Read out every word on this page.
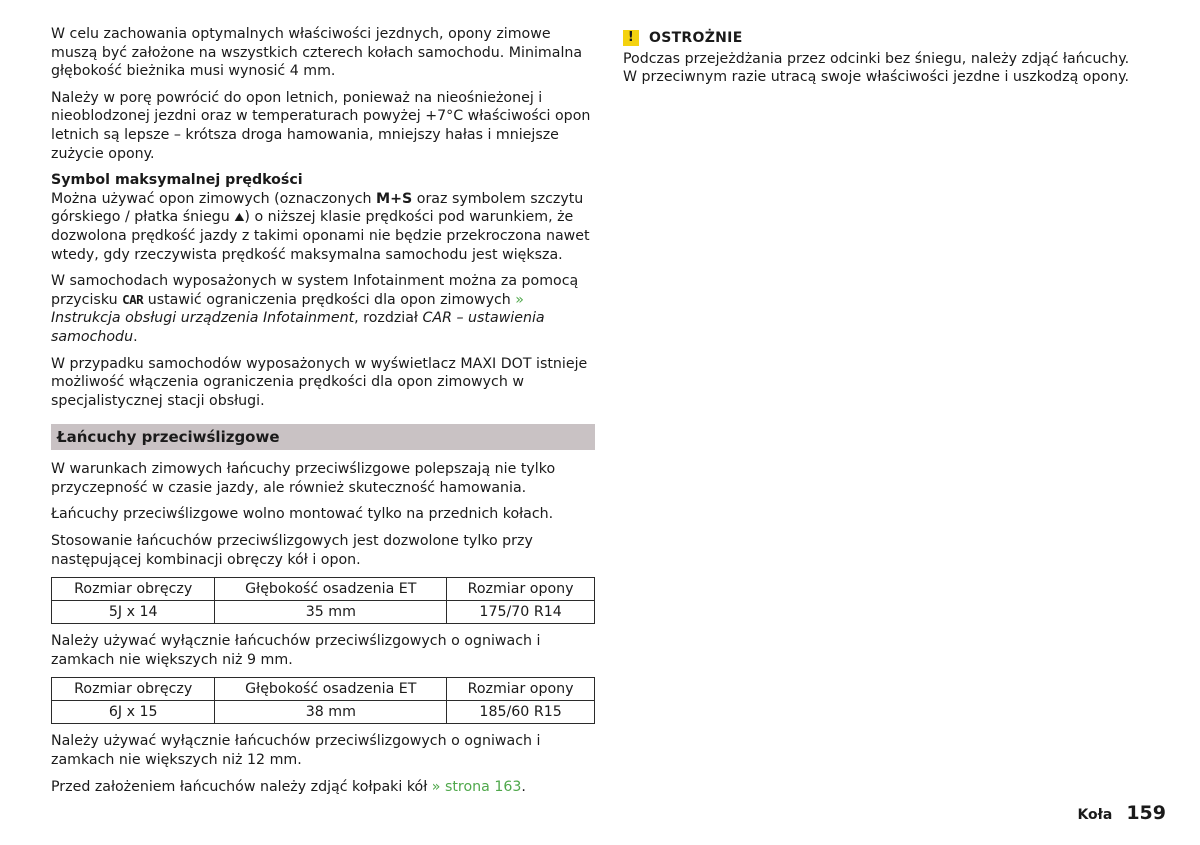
W celu zachowania optymalnych właściwości jezdnych, opony zimowe muszą być założone na wszystkich czterech kołach samochodu. Minimalna głębokość bieżnika musi wynosić 4 mm.

Należy w porę powrócić do opon letnich, ponieważ na nieośnieżonej i nieoblodzonej jezdni oraz w temperaturach powyżej +7°C właściwości opon letnich są lepsze – krótsza droga hamowania, mniejszy hałas i mniejsze zużycie opony.

Symbol maksymalnej prędkości
Można używać opon zimowych (oznaczonych M+S oraz symbolem szczytu górskiego / płatka śniegu ⛰) o niższej klasie prędkości pod warunkiem, że dozwolona prędkość jazdy z takimi oponami nie będzie przekroczona nawet wtedy, gdy rzeczywista prędkość maksymalna samochodu jest większa.

W samochodach wyposażonych w system Infotainment można za pomocą przycisku CAR ustawić ograniczenia prędkości dla opon zimowych » Instrukcja obsługi urządzenia Infotainment, rozdział CAR – ustawienia samochodu.

W przypadku samochodów wyposażonych w wyświetlacz MAXI DOT istnieje możliwość włączenia ograniczenia prędkości dla opon zimowych w specjalistycznej stacji obsługi.

Łańcuchy przeciwślizgowe

W warunkach zimowych łańcuchy przeciwślizgowe polepszają nie tylko przyczepność w czasie jazdy, ale również skuteczność hamowania.

Łańcuchy przeciwślizgowe wolno montować tylko na przednich kołach.

Stosowanie łańcuchów przeciwślizgowych jest dozwolone tylko przy następującej kombinacji obręczy kół i opon.

Rozmiar obręczy	Głębokość osadzenia ET	Rozmiar opony
5J x 14	35 mm	175/70 R14

Należy używać wyłącznie łańcuchów przeciwślizgowych o ogniwach i zamkach nie większych niż 9 mm.

Rozmiar obręczy	Głębokość osadzenia ET	Rozmiar opony
6J x 15	38 mm	185/60 R15

Należy używać wyłącznie łańcuchów przeciwślizgowych o ogniwach i zamkach nie większych niż 12 mm.

Przed założeniem łańcuchów należy zdjąć kołpaki kół » strona 163.

!	OSTROŻNIE

Podczas przejeżdżania przez odcinki bez śniegu, należy zdjąć łańcuchy. W przeciwnym razie utracą swoje właściwości jezdne i uszkodzą opony.

Koła 159
